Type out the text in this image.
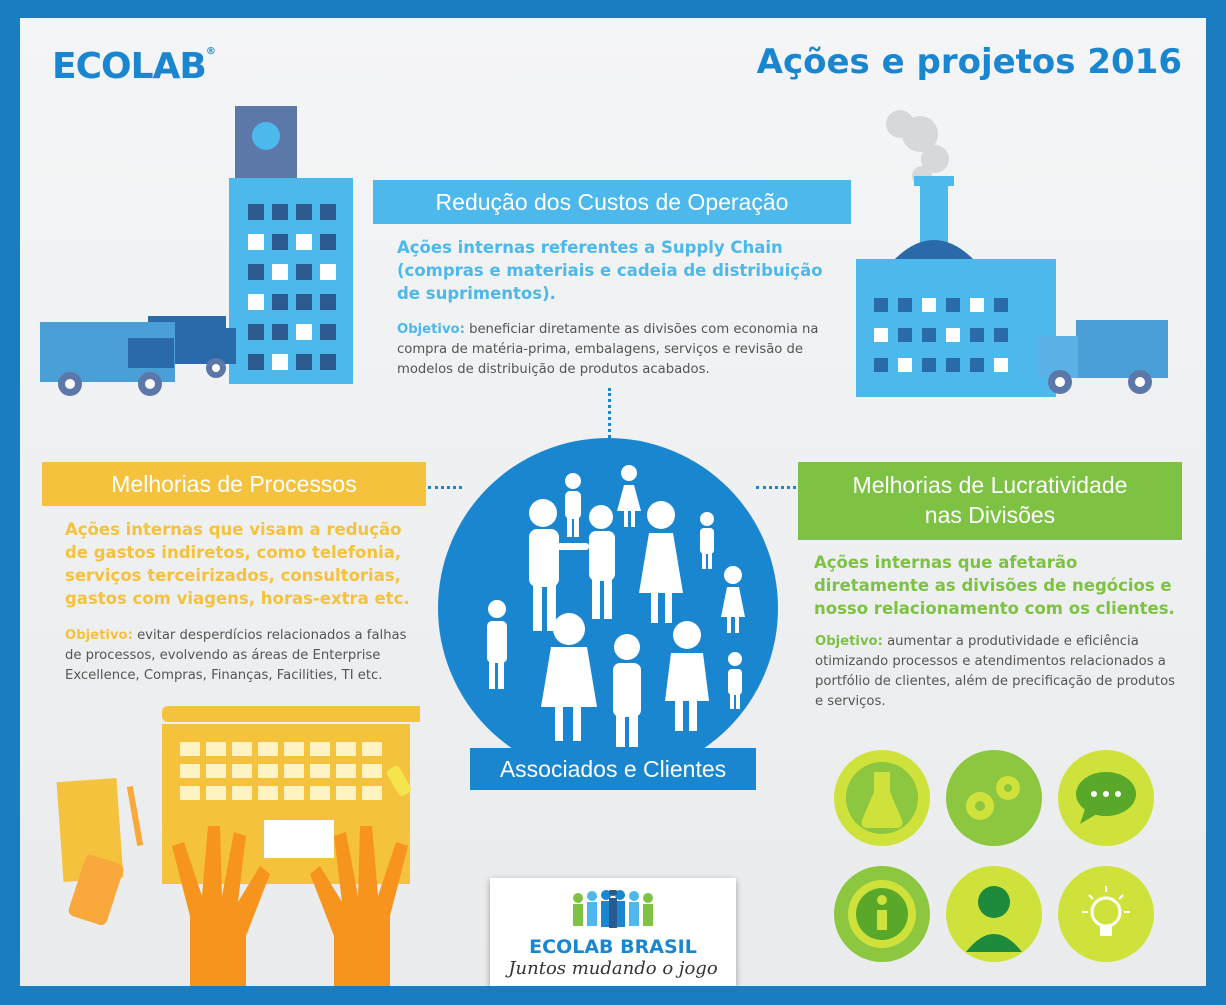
ECOLAB®	Ações e projetos 2016
Redução dos Custos de Operação
Ações internas referentes a Supply Chain (compras e materiais e cadeia de distribuição de suprimentos).
Objetivo: beneficiar diretamente as divisões com economia na compra de matéria-prima, embalagens, serviços e revisão de modelos de distribuição de produtos acabados.
Melhorias de Processos
Ações internas que visam a redução de gastos indiretos, como telefonia, serviços terceirizados, consultorias, gastos com viagens, horas-extra etc.
Objetivo: evitar desperdícios relacionados a falhas de processos, evolvendo as áreas de Enterprise Excellence, Compras, Finanças, Facilities, TI etc.
Melhorias de Lucratividade
nas Divisões
Ações internas que afetarão diretamente as divisões de negócios e nosso relacionamento com os clientes.
Objetivo: aumentar a produtividade e eficiência otimizando processos e atendimentos relacionados a portfólio de clientes, além de precificação de produtos e serviços.
Associados e Clientes
ECOLAB BRASIL
Juntos mudando o jogo
